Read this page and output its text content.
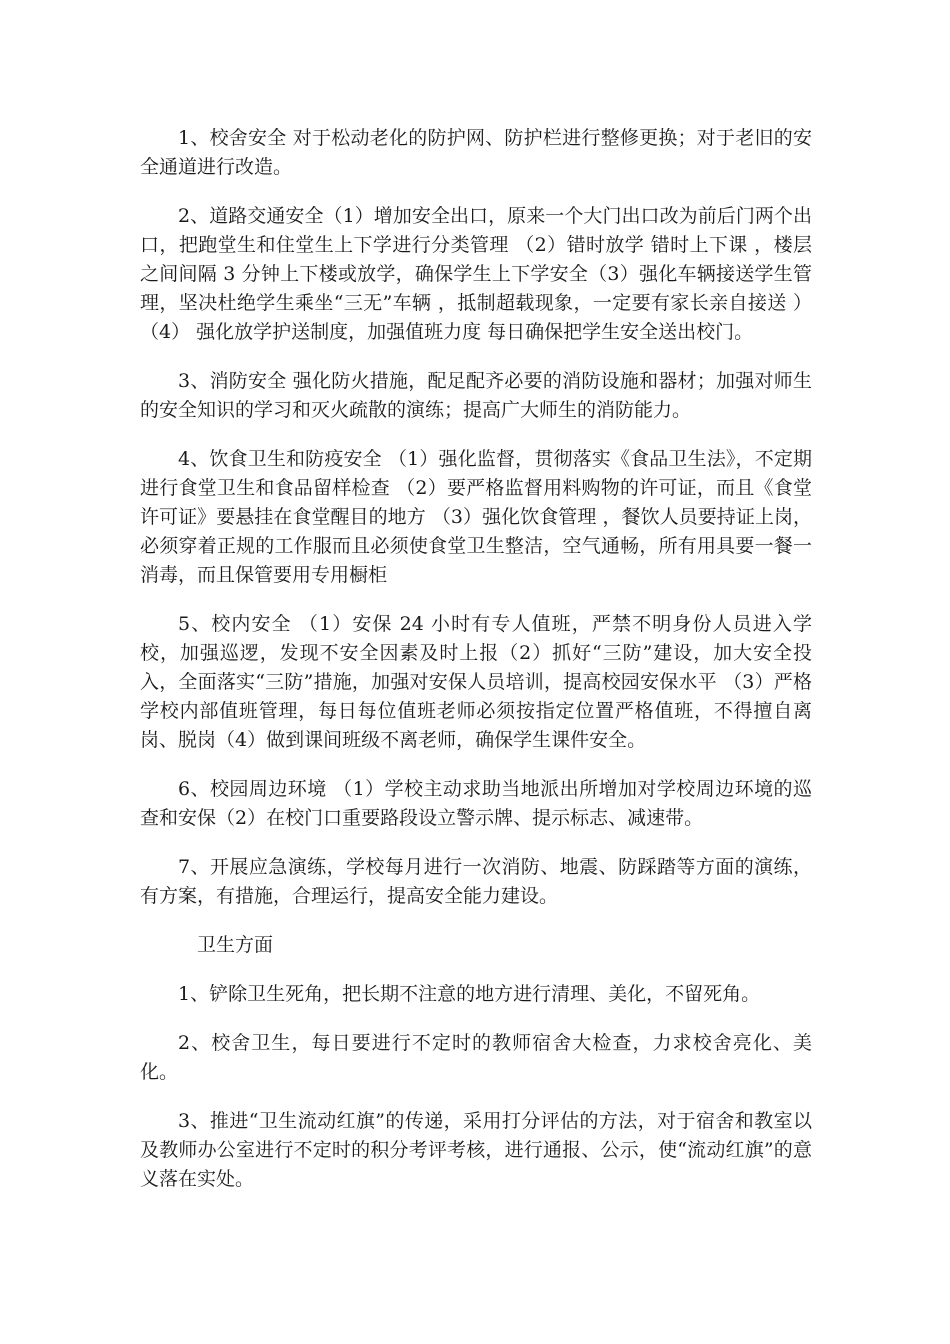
1、校舍安全 对于松动老化的防护网、防护栏进行整修更换；对于老旧的安全通道进行改造。

2、道路交通安全（1）增加安全出口，原来一个大门出口改为前后门两个出口，把跑堂生和住堂生上下学进行分类管理 （2）错时放学 错时上下课 ，楼层之间间隔 3 分钟上下楼或放学，确保学生上下学安全（3）强化车辆接送学生管理，坚决杜绝学生乘坐“三无”车辆 ，抵制超载现象，一定要有家长亲自接送 ）（4） 强化放学护送制度，加强值班力度 每日确保把学生安全送出校门。

3、消防安全 强化防火措施，配足配齐必要的消防设施和器材；加强对师生的安全知识的学习和灭火疏散的演练；提高广大师生的消防能力。

4、饮食卫生和防疫安全 （1）强化监督，贯彻落实《食品卫生法》，不定期进行食堂卫生和食品留样检查 （2）要严格监督用料购物的许可证，而且《食堂许可证》要悬挂在食堂醒目的地方 （3）强化饮食管理 ，餐饮人员要持证上岗，必须穿着正规的工作服而且必须使食堂卫生整洁，空气通畅，所有用具要一餐一消毒，而且保管要用专用橱柜

5、校内安全 （1）安保 24 小时有专人值班，严禁不明身份人员进入学校，加强巡逻，发现不安全因素及时上报（2）抓好“三防”建设，加大安全投入，全面落实“三防”措施，加强对安保人员培训，提高校园安保水平 （3）严格学校内部值班管理，每日每位值班老师必须按指定位置严格值班，不得擅自离岗、脱岗（4）做到课间班级不离老师，确保学生课件安全。

6、校园周边环境 （1）学校主动求助当地派出所增加对学校周边环境的巡查和安保（2）在校门口重要路段设立警示牌、提示标志、减速带。

7、开展应急演练，学校每月进行一次消防、地震、防踩踏等方面的演练，有方案，有措施，合理运行，提高安全能力建设。

卫生方面

1、铲除卫生死角，把长期不注意的地方进行清理、美化，不留死角。

2、校舍卫生，每日要进行不定时的教师宿舍大检查，力求校舍亮化、美化。

3、推进“卫生流动红旗”的传递，采用打分评估的方法，对于宿舍和教室以及教师办公室进行不定时的积分考评考核，进行通报、公示，使“流动红旗”的意义落在实处。
